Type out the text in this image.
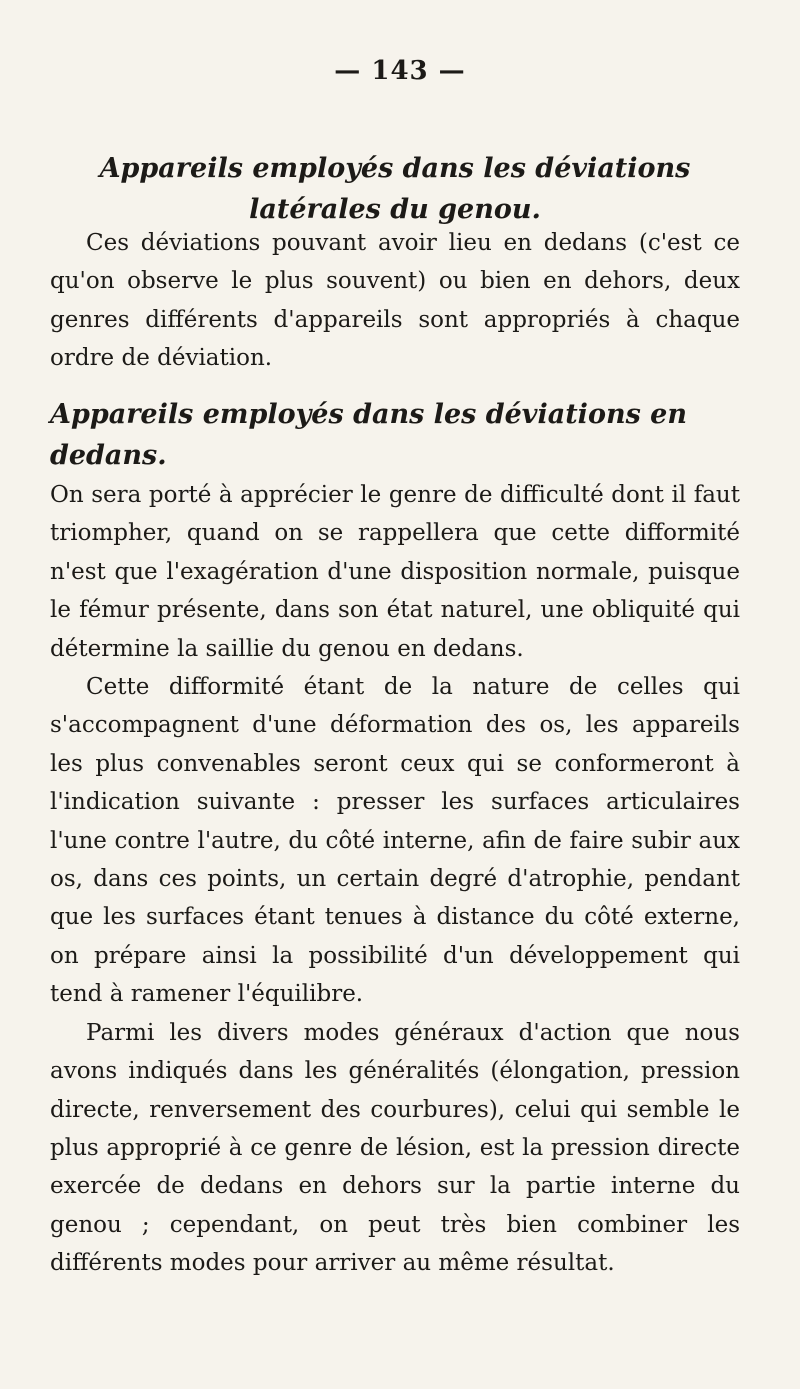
— 143 —
Appareils employés dans les déviations latérales du genou.

Ces déviations pouvant avoir lieu en dedans (c'est ce qu'on observe le plus souvent) ou bien en dehors, deux genres différents d'appareils sont appropriés à chaque ordre de déviation.

Appareils employés dans les déviations en dedans.

On sera porté à apprécier le genre de difficulté dont il faut triompher, quand on se rappellera que cette difformité n'est que l'exagération d'une disposition normale, puisque le fémur présente, dans son état naturel, une obliquité qui détermine la saillie du genou en dedans.

Cette difformité étant de la nature de celles qui s'accompagnent d'une déformation des os, les appareils les plus convenables seront ceux qui se conformeront à l'indication suivante : presser les surfaces articulaires l'une contre l'autre, du côté interne, afin de faire subir aux os, dans ces points, un certain degré d'atrophie, pendant que les surfaces étant tenues à distance du côté externe, on prépare ainsi la possibilité d'un développement qui tend à ramener l'équilibre.

Parmi les divers modes généraux d'action que nous avons indiqués dans les généralités (élongation, pression directe, renversement des courbures), celui qui semble le plus approprié à ce genre de lésion, est la pression directe exercée de dedans en dehors sur la partie interne du genou ; cependant, on peut très bien combiner les différents modes pour arriver au même résultat.
